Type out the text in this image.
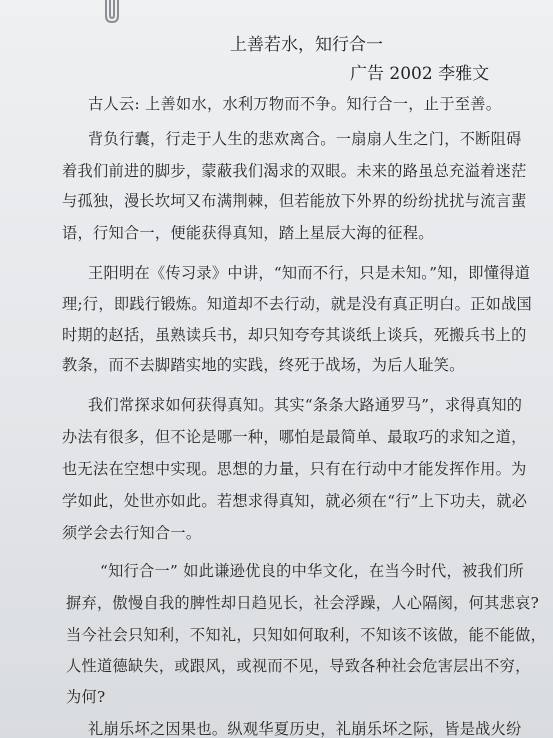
上善若水，知行合一
广告 2002 李雅文
古人云: 上善如水，水利万物而不争。知行合一，止于至善。
背负行囊，行走于人生的悲欢离合。一扇扇人生之门，不断阻碍
着我们前进的脚步，蒙蔽我们渴求的双眼。未来的路虽总充溢着迷茫
与孤独，漫长坎坷又布满荆棘，但若能放下外界的纷纷扰扰与流言蜚
语，行知合一，便能获得真知，踏上星辰大海的征程。
王阳明在《传习录》中讲，“知而不行，只是未知。”知，即懂得道
理;行，即践行锻炼。知道却不去行动，就是没有真正明白。正如战国
时期的赵括，虽熟读兵书，却只知夸夸其谈纸上谈兵，死搬兵书上的
教条，而不去脚踏实地的实践，终死于战场，为后人耻笑。
我们常探求如何获得真知。其实“条条大路通罗马”，求得真知的
办法有很多，但不论是哪一种，哪怕是最简单、最取巧的求知之道，
也无法在空想中实现。思想的力量，只有在行动中才能发挥作用。为
学如此，处世亦如此。若想求得真知，就必须在“行”上下功夫，就必
须学会去行知合一。
“知行合一” 如此谦逊优良的中华文化，在当今时代，被我们所
摒弃，傲慢自我的脾性却日趋见长，社会浮躁，人心隔阂，何其悲哀?
当今社会只知利，不知礼，只知如何取利，不知该不该做，能不能做，
人性道德缺失，或跟风，或视而不见，导致各种社会危害层出不穷，
为何?
礼崩乐坏之因果也。纵观华夏历史，礼崩乐坏之际，皆是战火纷
